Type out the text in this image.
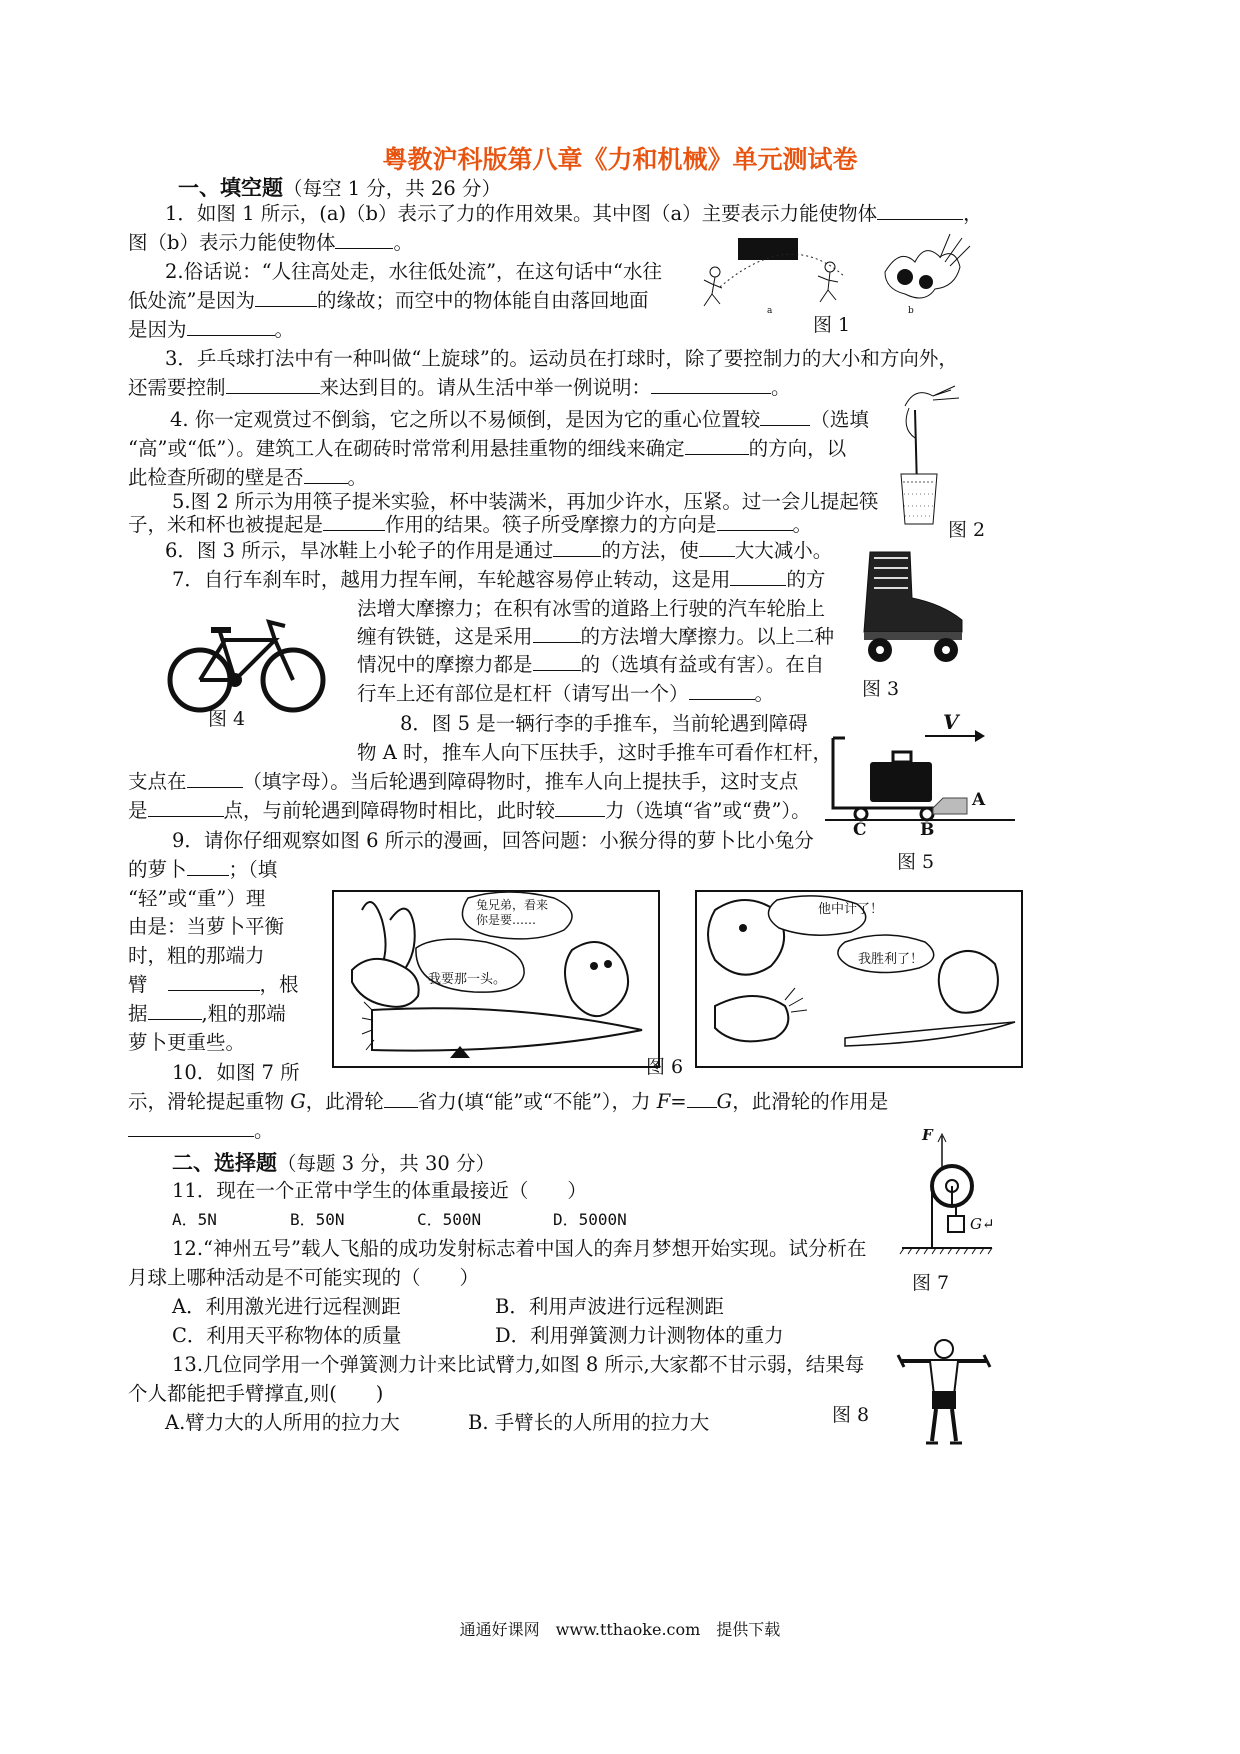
粤教沪科版第八章《力和机械》单元测试卷
一、填空题（每空 1 分，共 26 分）
1．如图 1 所示，(a)（b）表示了力的作用效果。其中图（a）主要表示力能使物体	，
图（b）表示力能使物体	。
2.俗话说：“人往高处走，水往低处流”，在这句话中“水往
低处流”是因为	的缘故；而空中的物体能自由落回地面
是因为	。
a	b
图 1
3．乒乓球打法中有一种叫做“上旋球”的。运动员在打球时，除了要控制力的大小和方向外，
还需要控制	来达到目的。请从生活中举一例说明：	。
4. 你一定观赏过不倒翁，它之所以不易倾倒，是因为它的重心位置较	（选填
“高”或“低”）。建筑工人在砌砖时常常利用悬挂重物的细线来确定	的方向，以
此检查所砌的壁是否 。
图 2
5.图 2 所示为用筷子提米实验，杯中装满米，再加少许水，压紧。过一会儿提起筷
子，米和杯也被提起是	作用的结果。筷子所受摩擦力的方向是	。
6．图 3 所示，旱冰鞋上小轮子的作用是通过 的方法，使 大大减小。
7．自行车刹车时，越用力捏车闸，车轮越容易停止转动，这是用	的方
法增大摩擦力；在积有冰雪的道路上行驶的汽车轮胎上
缠有铁链，这是采用 的方法增大摩擦力。以上二种
情况中的摩擦力都是 的（选填有益或有害）。在自
行车上还有部位是杠杆（请写出一个）	。	图 3
图 4	8．图 5 是一辆行李的手推车，当前轮遇到障碍
物 A 时，推车人向下压扶手，这时手推车可看作杠杆，
支点在	（填字母）。当后轮遇到障碍物时，推车人向上提扶手，这时支点
是	点，与前轮遇到障碍物时相比，此时较	力（选填“省”或“费”）。
V
A
C	B
图 5
9．请你仔细观察如图 6 所示的漫画，回答问题：小猴分得的萝卜比小兔分
的萝卜 ；（填
“轻”或“重”）理
由是：当萝卜平衡
时，粗的那端力
臂	，根
据	,粗的那端
萝卜更重些。
兔兄弟，看来你是要……
我要那一头。
图 6
他中计了！
我胜利了！
10．如图 7 所
示，滑轮提起重物 G，此滑轮 省力(填“能”或“不能”），力 F= G，此滑轮的作用是
。
二、选择题（每题 3 分，共 30 分）
F
G↵
图 7
11．现在一个正常中学生的体重最接近（　　）
A．5N	B．50N	C．500N	D．5000N
12.“神州五号”载人飞船的成功发射标志着中国人的奔月梦想开始实现。试分析在
月球上哪种活动是不可能实现的（　　）
A．利用激光进行远程测距	B．利用声波进行远程测距
C．利用天平称物体的质量	D．利用弹簧测力计测物体的重力
13.几位同学用一个弹簧测力计来比试臂力,如图 8 所示,大家都不甘示弱，结果每
个人都能把手臂撑直,则(　　)
A.臂力大的人所用的拉力大	B. 手臂长的人所用的拉力大	图 8
通通好课网　www.tthaoke.com　提供下载
